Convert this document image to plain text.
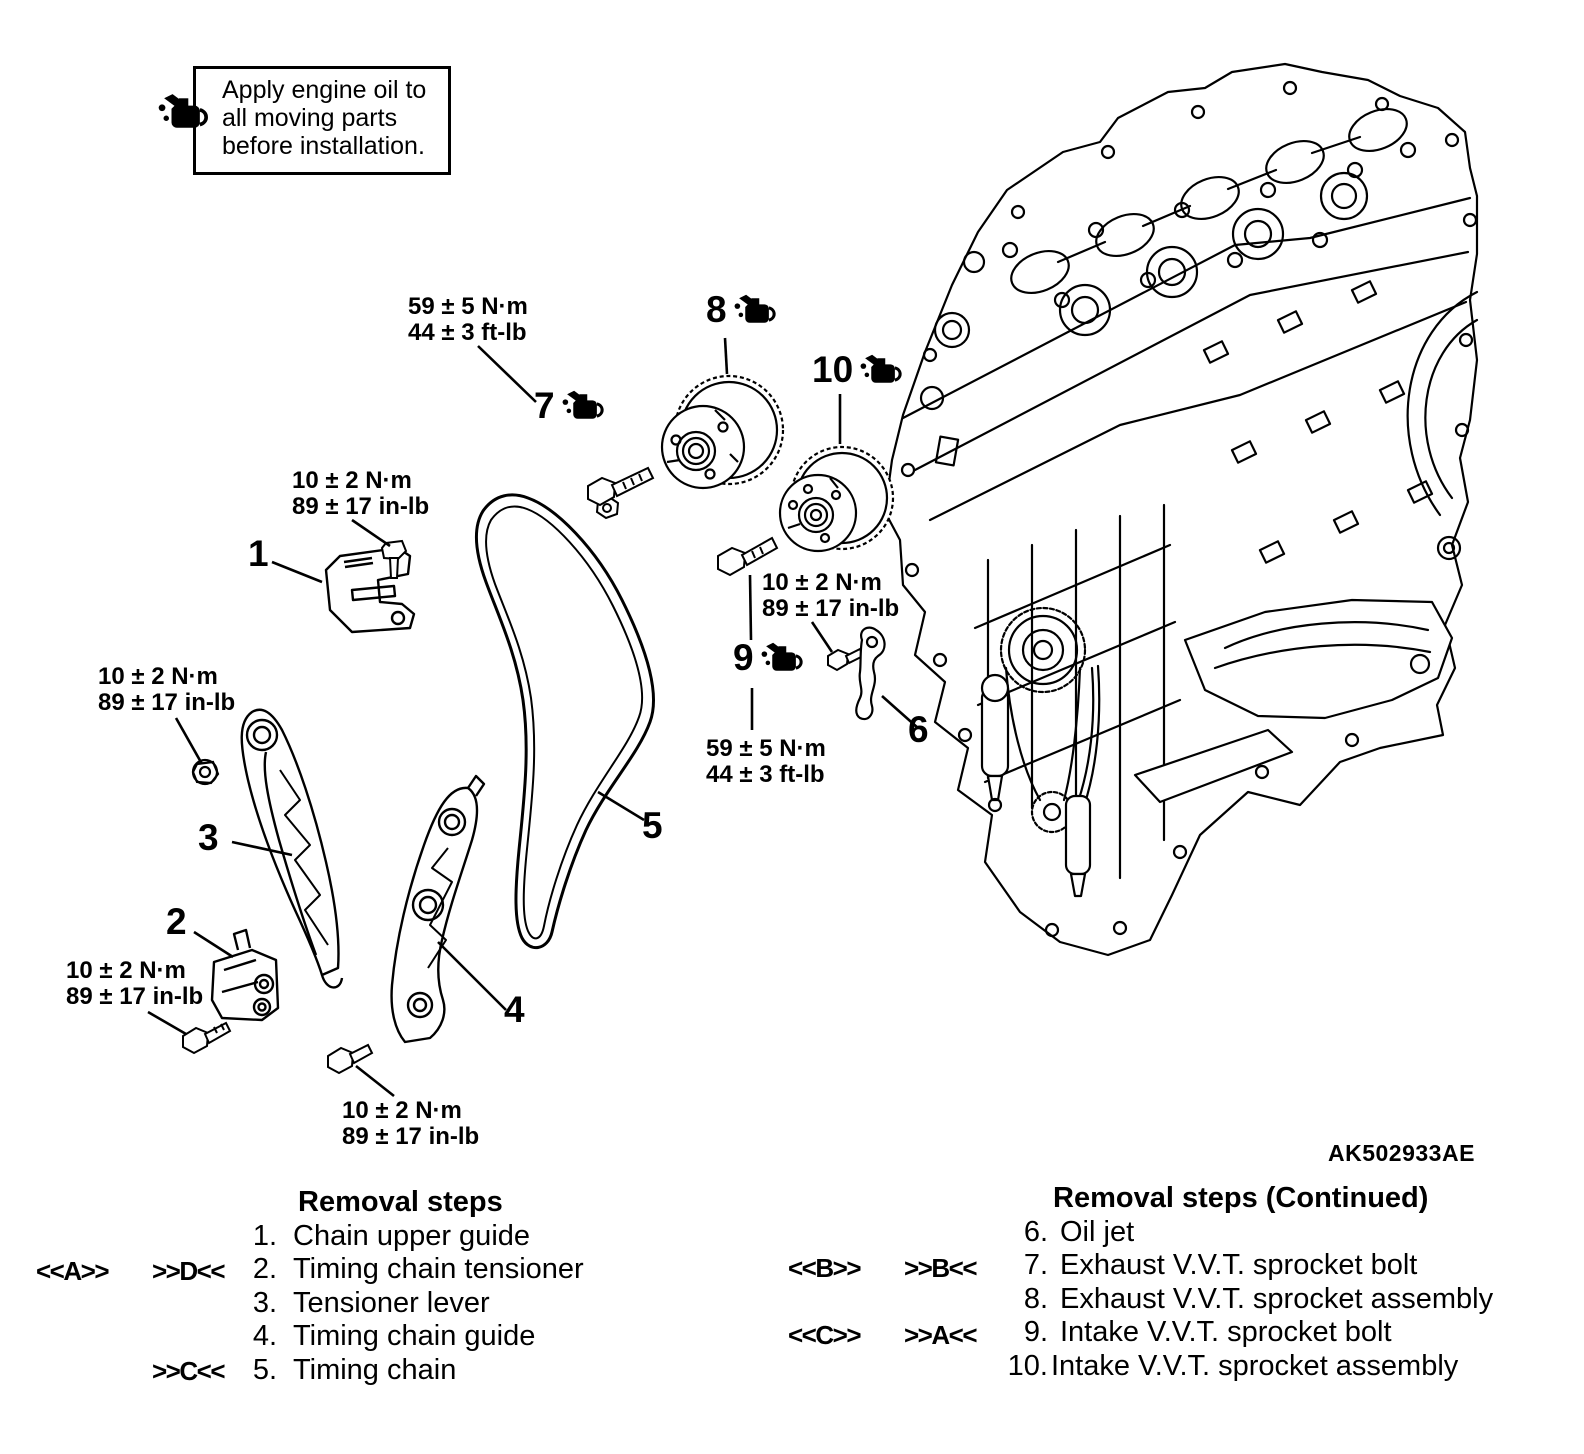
Apply engine oil to
all moving parts
before installation.
59 ± 5 N·m
44 ± 3 ft-lb
10 ± 2 N·m
89 ± 17 in-lb
10 ± 2 N·m
89 ± 17 in-lb
10 ± 2 N·m
89 ± 17 in-lb
10 ± 2 N·m
89 ± 17 in-lb
10 ± 2 N·m
89 ± 17 in-lb
59 ± 5 N·m
44 ± 3 ft-lb
1
2
3
4
5
6
7
8
9
10
AK502933AE
Removal steps
1. Chain upper guide
2. Timing chain tensioner
3. Tensioner lever
4. Timing chain guide
5. Timing chain
<<A>> >>D<<
>>C<<
Removal steps (Continued)
6. Oil jet
7. Exhaust V.V.T. sprocket bolt
8. Exhaust V.V.T. sprocket assembly
9. Intake V.V.T. sprocket bolt
10. Intake V.V.T. sprocket assembly
<<B>> >>B<<
<<C>> >>A<<
